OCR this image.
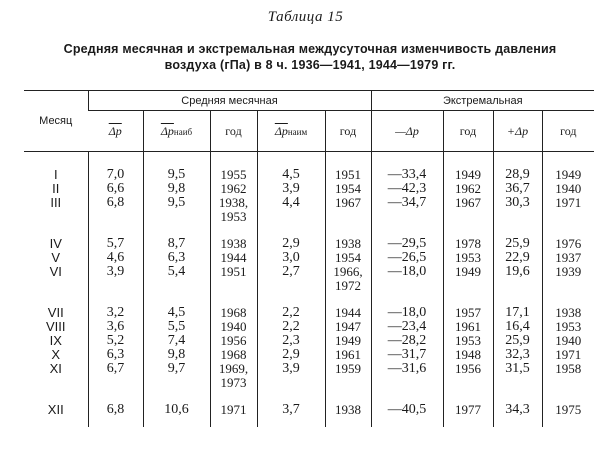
Таблица 15
Средняя месячная и экстремальная междусуточная изменчивость давления
воздуха (гПа) в 8 ч. 1936—1941, 1944—1979 гг.
Месяц	Средняя месячная					Экстремальная			
	$\overline{\Delta p}$	$\overline{\Delta p}наиб$	год	$\overline{\Delta p}наим$	год	—Δp	год	+Δp	год
I	7,0	9,5	1955	4,5	1951	—33,4	1949	28,9	1949

II	6,6	9,8	1962	3,9	1954	—42,3	1962	36,7	1940

III	6,8	9,5	1938,
1953	4,4	1967	—34,7	1967	30,3	1971

IV	5,7	8,7	1938	2,9	1938	—29,5	1978	25,9	1976

V	4,6	6,3	1944	3,0	1954	—26,5	1953	22,9	1937

VI	3,9	5,4	1951	2,7	1966,
1972	—18,0	1949	19,6	1939

VII	3,2	4,5	1968	2,2	1944	—18,0	1957	17,1	1938

VIII	3,6	5,5	1940	2,2	1947	—23,4	1961	16,4	1953

IX	5,2	7,4	1956	2,3	1949	—28,2	1953	25,9	1940

X	6,3	9,8	1968	2,9	1961	—31,7	1948	32,3	1971

XI	6,7	9,7	1969,
1973	3,9	1959	—31,6	1956	31,5	1958

XII	6,8	10,6	1971	3,7	1938	—40,5	1977	34,3	1975
